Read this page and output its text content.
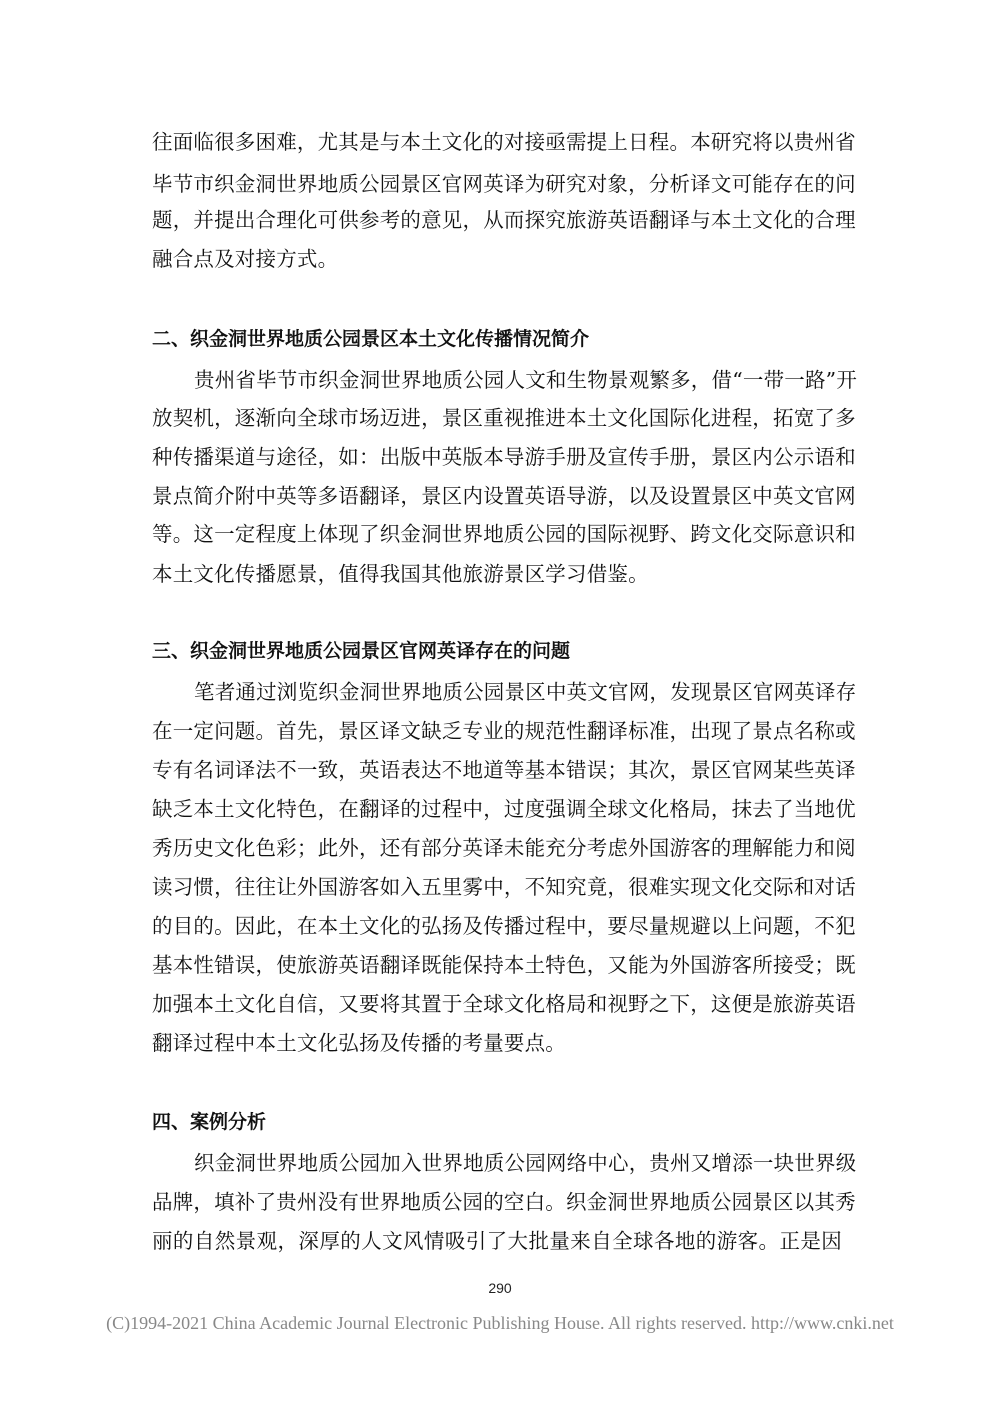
往面临很多困难，尤其是与本土文化的对接亟需提上日程。本研究将以贵州省
毕节市织金洞世界地质公园景区官网英译为研究对象，分析译文可能存在的问
题，并提出合理化可供参考的意见，从而探究旅游英语翻译与本土文化的合理
融合点及对接方式。
二、织金洞世界地质公园景区本土文化传播情况简介
贵州省毕节市织金洞世界地质公园人文和生物景观繁多，借“一带一路”开
放契机，逐渐向全球市场迈进，景区重视推进本土文化国际化进程，拓宽了多
种传播渠道与途径，如：出版中英版本导游手册及宣传手册，景区内公示语和
景点简介附中英等多语翻译，景区内设置英语导游，以及设置景区中英文官网
等。这一定程度上体现了织金洞世界地质公园的国际视野、跨文化交际意识和
本土文化传播愿景，值得我国其他旅游景区学习借鉴。
三、织金洞世界地质公园景区官网英译存在的问题
笔者通过浏览织金洞世界地质公园景区中英文官网，发现景区官网英译存
在一定问题。首先，景区译文缺乏专业的规范性翻译标准，出现了景点名称或
专有名词译法不一致，英语表达不地道等基本错误；其次，景区官网某些英译
缺乏本土文化特色，在翻译的过程中，过度强调全球文化格局，抹去了当地优
秀历史文化色彩；此外，还有部分英译未能充分考虑外国游客的理解能力和阅
读习惯，往往让外国游客如入五里雾中，不知究竟，很难实现文化交际和对话
的目的。因此，在本土文化的弘扬及传播过程中，要尽量规避以上问题，不犯
基本性错误，使旅游英语翻译既能保持本土特色，又能为外国游客所接受；既
加强本土文化自信，又要将其置于全球文化格局和视野之下，这便是旅游英语
翻译过程中本土文化弘扬及传播的考量要点。
四、案例分析
织金洞世界地质公园加入世界地质公园网络中心，贵州又增添一块世界级
品牌，填补了贵州没有世界地质公园的空白。织金洞世界地质公园景区以其秀
丽的自然景观，深厚的人文风情吸引了大批量来自全球各地的游客。正是因
290
(C)1994-2021 China Academic Journal Electronic Publishing House. All rights reserved. http://www.cnki.net
